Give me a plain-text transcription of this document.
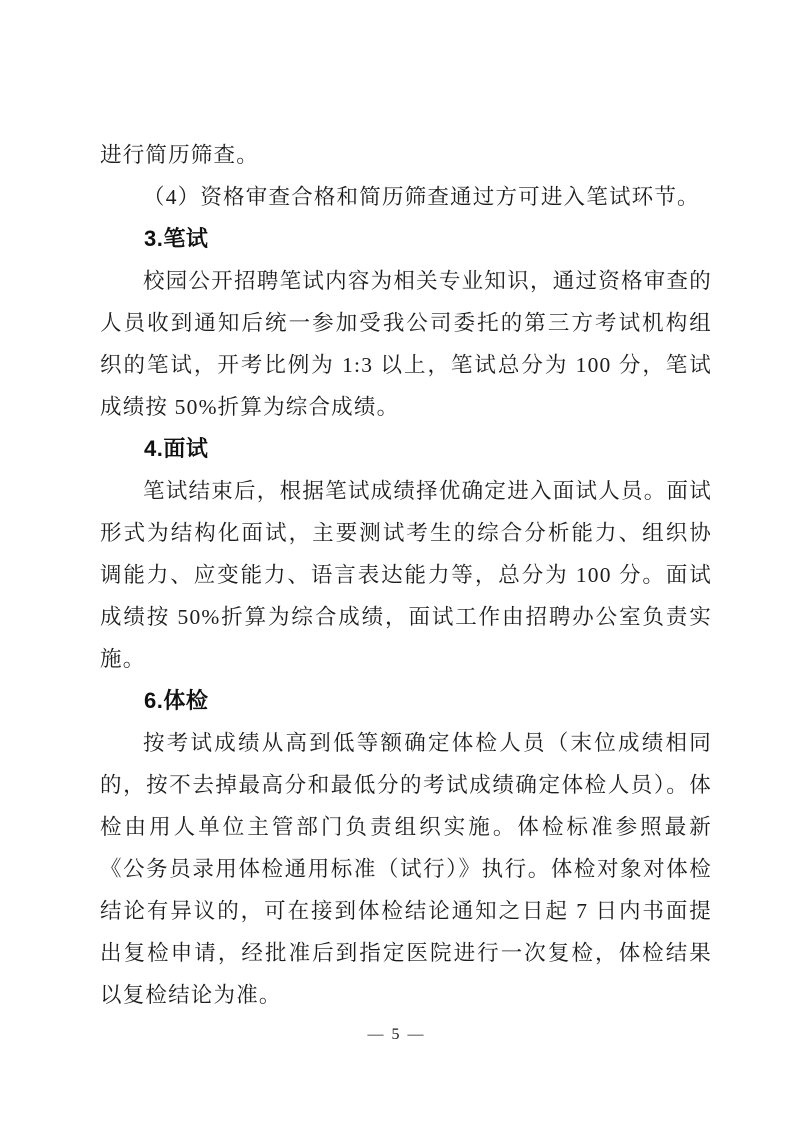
进行简历筛查。

（4）资格审查合格和简历筛查通过方可进入笔试环节。

3.笔试

校园公开招聘笔试内容为相关专业知识，通过资格审查的人员收到通知后统一参加受我公司委托的第三方考试机构组织的笔试，开考比例为 1:3 以上，笔试总分为 100 分，笔试成绩按 50%折算为综合成绩。

4.面试

笔试结束后，根据笔试成绩择优确定进入面试人员。面试形式为结构化面试，主要测试考生的综合分析能力、组织协调能力、应变能力、语言表达能力等，总分为 100 分。面试成绩按 50%折算为综合成绩，面试工作由招聘办公室负责实施。

6.体检

按考试成绩从高到低等额确定体检人员（末位成绩相同的，按不去掉最高分和最低分的考试成绩确定体检人员）。体检由用人单位主管部门负责组织实施。体检标准参照最新《公务员录用体检通用标准（试行）》执行。体检对象对体检结论有异议的，可在接到体检结论通知之日起 7 日内书面提出复检申请，经批准后到指定医院进行一次复检，体检结果以复检结论为准。

— 5 —
